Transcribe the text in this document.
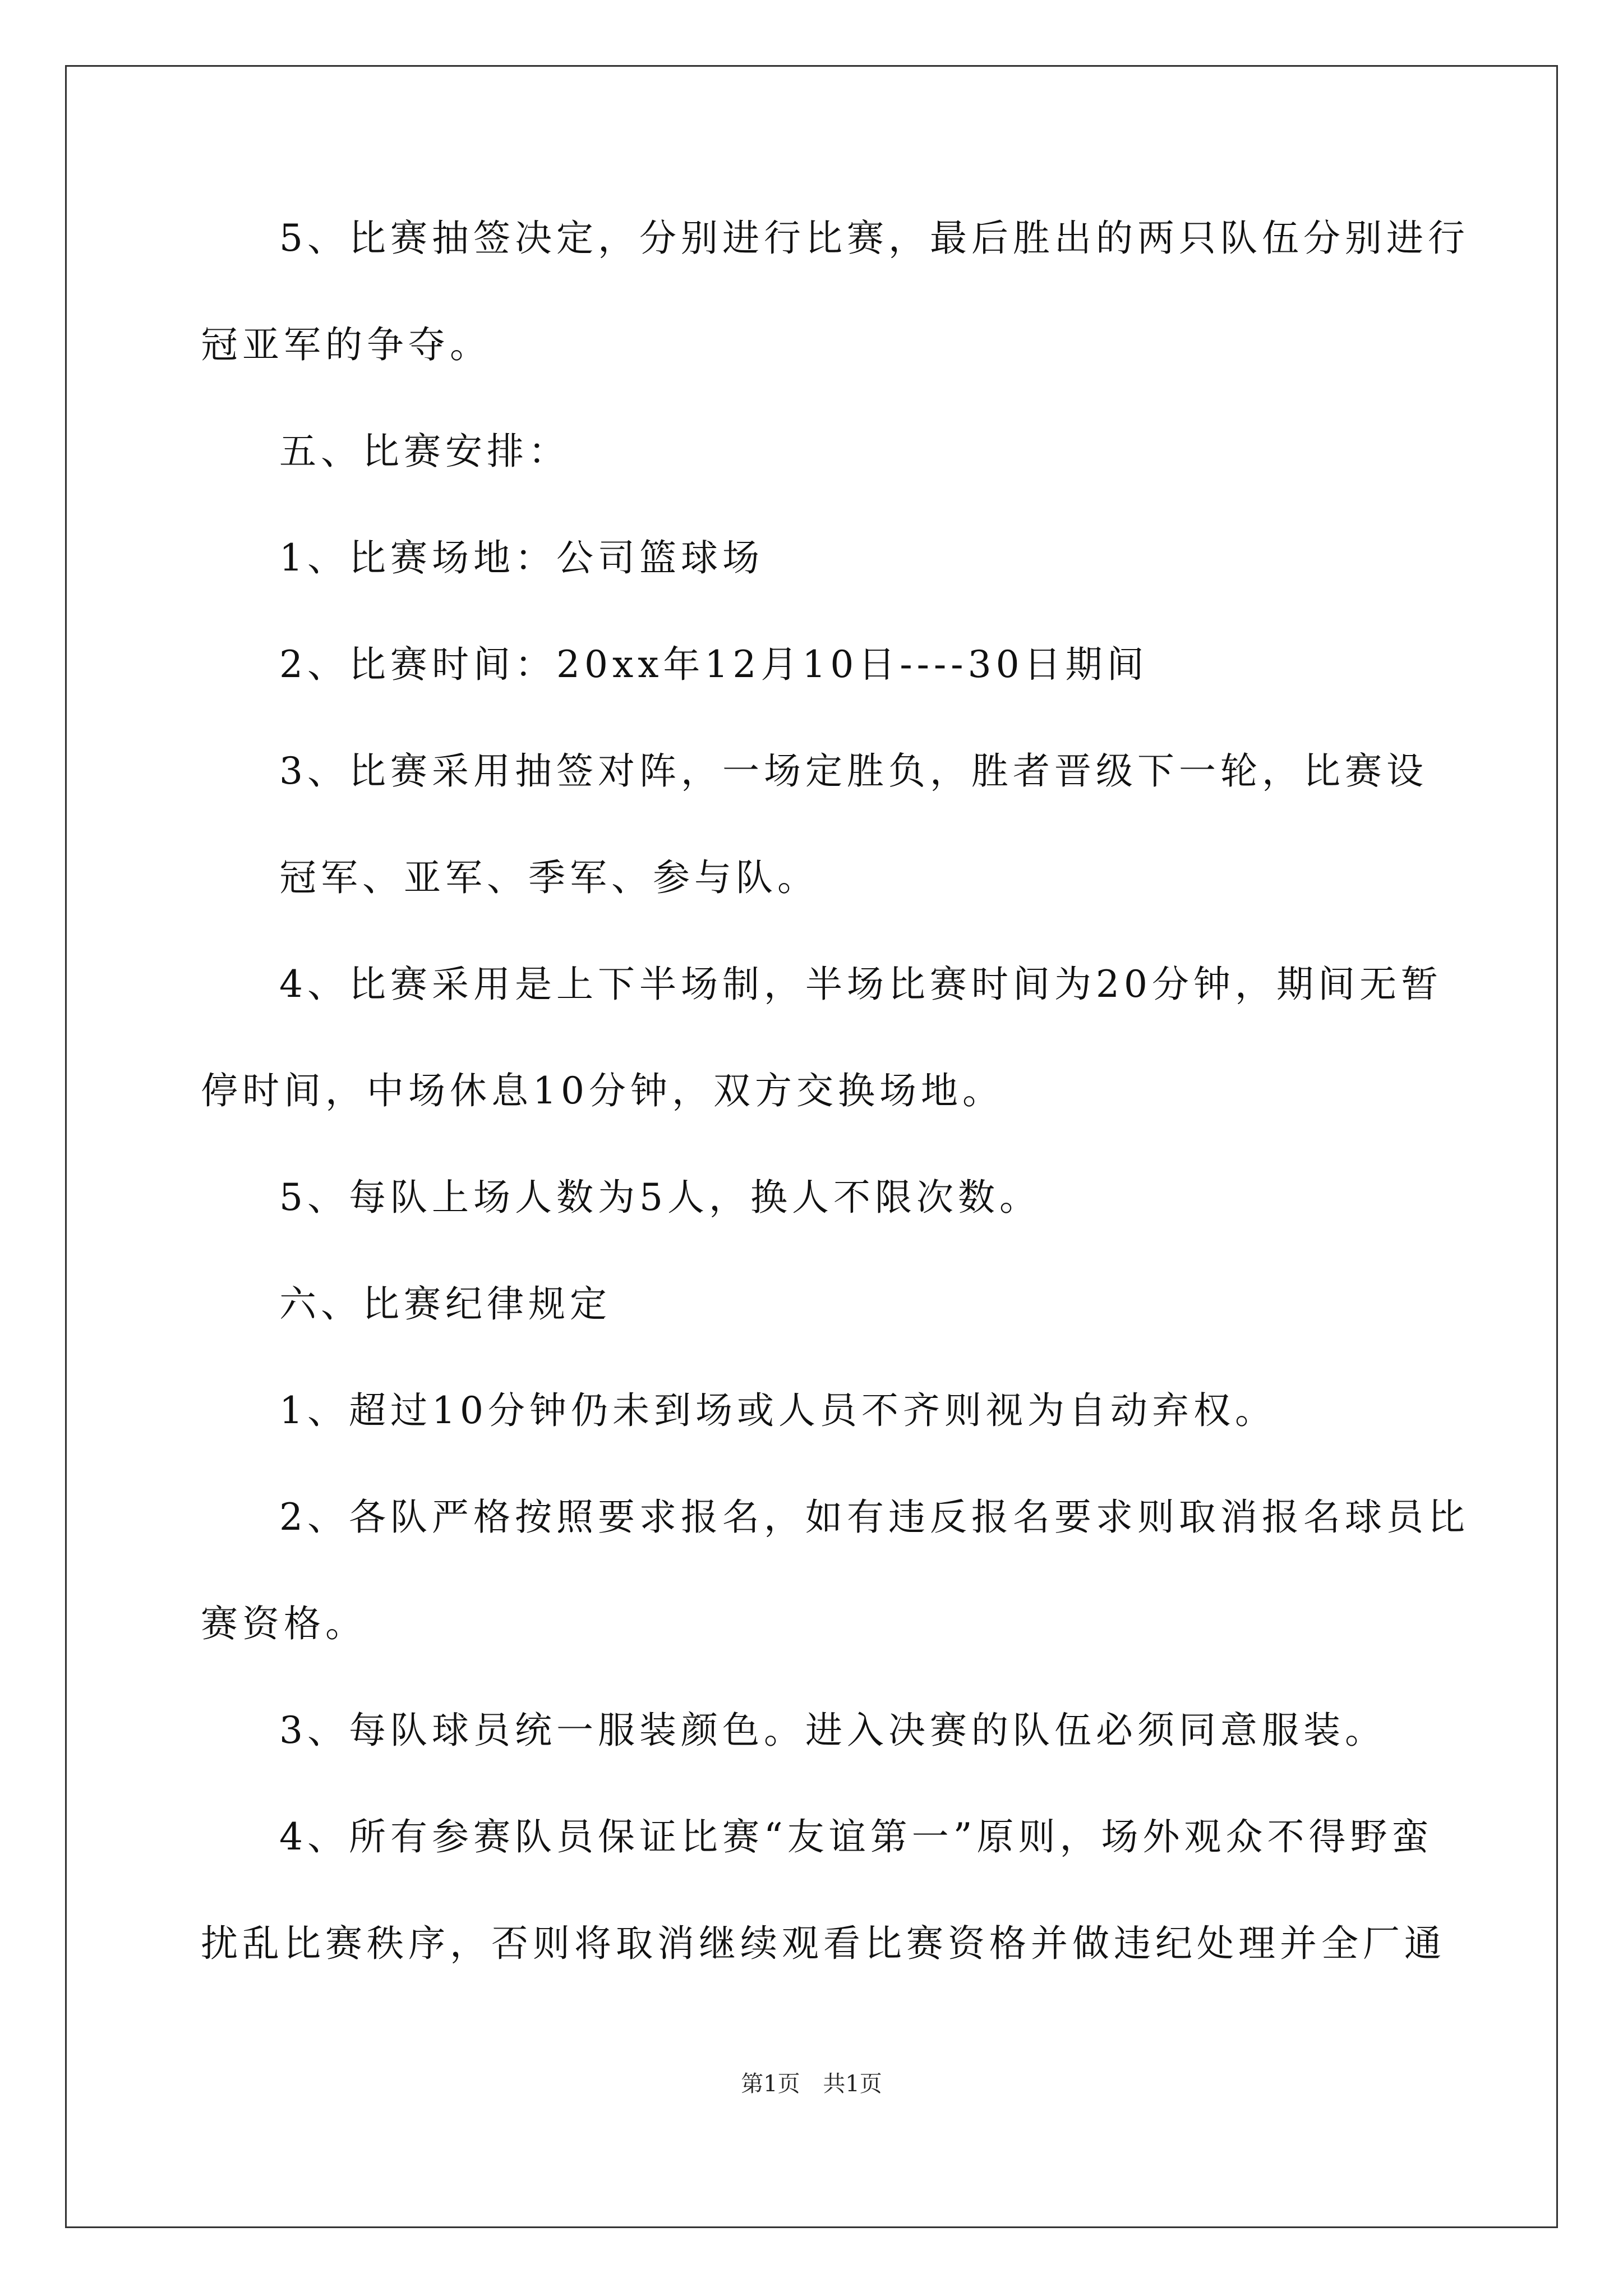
5、比赛抽签决定，分别进行比赛，最后胜出的两只队伍分别进行
冠亚军的争夺。
五、比赛安排：
1、比赛场地：公司篮球场
2、比赛时间：20xx年12月10日----30日期间
3、比赛采用抽签对阵，一场定胜负，胜者晋级下一轮，比赛设
冠军、亚军、季军、参与队。
4、比赛采用是上下半场制，半场比赛时间为20分钟，期间无暂
停时间，中场休息10分钟，双方交换场地。
5、每队上场人数为5人，换人不限次数。
六、比赛纪律规定
1、超过10分钟仍未到场或人员不齐则视为自动弃权。
2、各队严格按照要求报名，如有违反报名要求则取消报名球员比
赛资格。
3、每队球员统一服装颜色。进入决赛的队伍必须同意服装。
4、所有参赛队员保证比赛“友谊第一”原则，场外观众不得野蛮
扰乱比赛秩序，否则将取消继续观看比赛资格并做违纪处理并全厂通
第1页 共1页
